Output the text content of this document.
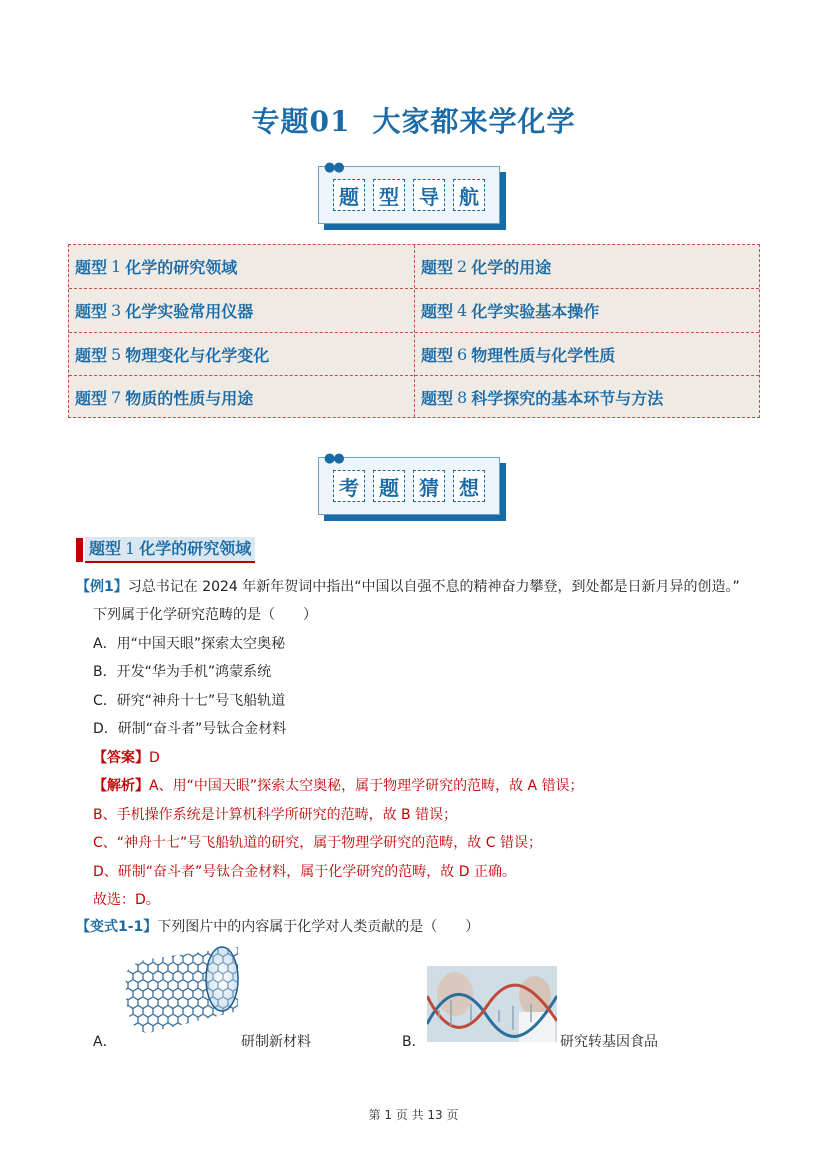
专题01 大家都来学化学
题	型	导	航
●●
题型 1 化学的研究领域	题型 2 化学的用途
题型 3 化学实验常用仪器	题型 4 化学实验基本操作
题型 5 物理变化与化学变化	题型 6 物理性质与化学性质
题型 7 物质的性质与用途	题型 8 科学探究的基本环节与方法
考	题	猜	想
●●
题型 1 化学的研究领域
【例1】习总书记在 2024 年新年贺词中指出“中国以自强不息的精神奋力攀登，到处都是日新月异的创造。”
下列属于化学研究范畴的是（　　）
A．用“中国天眼”探索太空奥秘
B．开发“华为手机”鸿蒙系统
C．研究“神舟十七”号飞船轨道
D．研制“奋斗者”号钛合金材料
【答案】D
【解析】A、用“中国天眼”探索太空奥秘，属于物理学研究的范畴，故 A 错误；
B、手机操作系统是计算机科学所研究的范畴，故 B 错误；
C、“神舟十七”号飞船轨道的研究，属于物理学研究的范畴，故 C 错误；
D、研制“奋斗者”号钛合金材料，属于化学研究的范畴，故 D 正确。
故选：D。
【变式1-1】下列图片中的内容属于化学对人类贡献的是（　　）
A．	研制新材料	B．	研究转基因食品
第 1 页 共 13 页
